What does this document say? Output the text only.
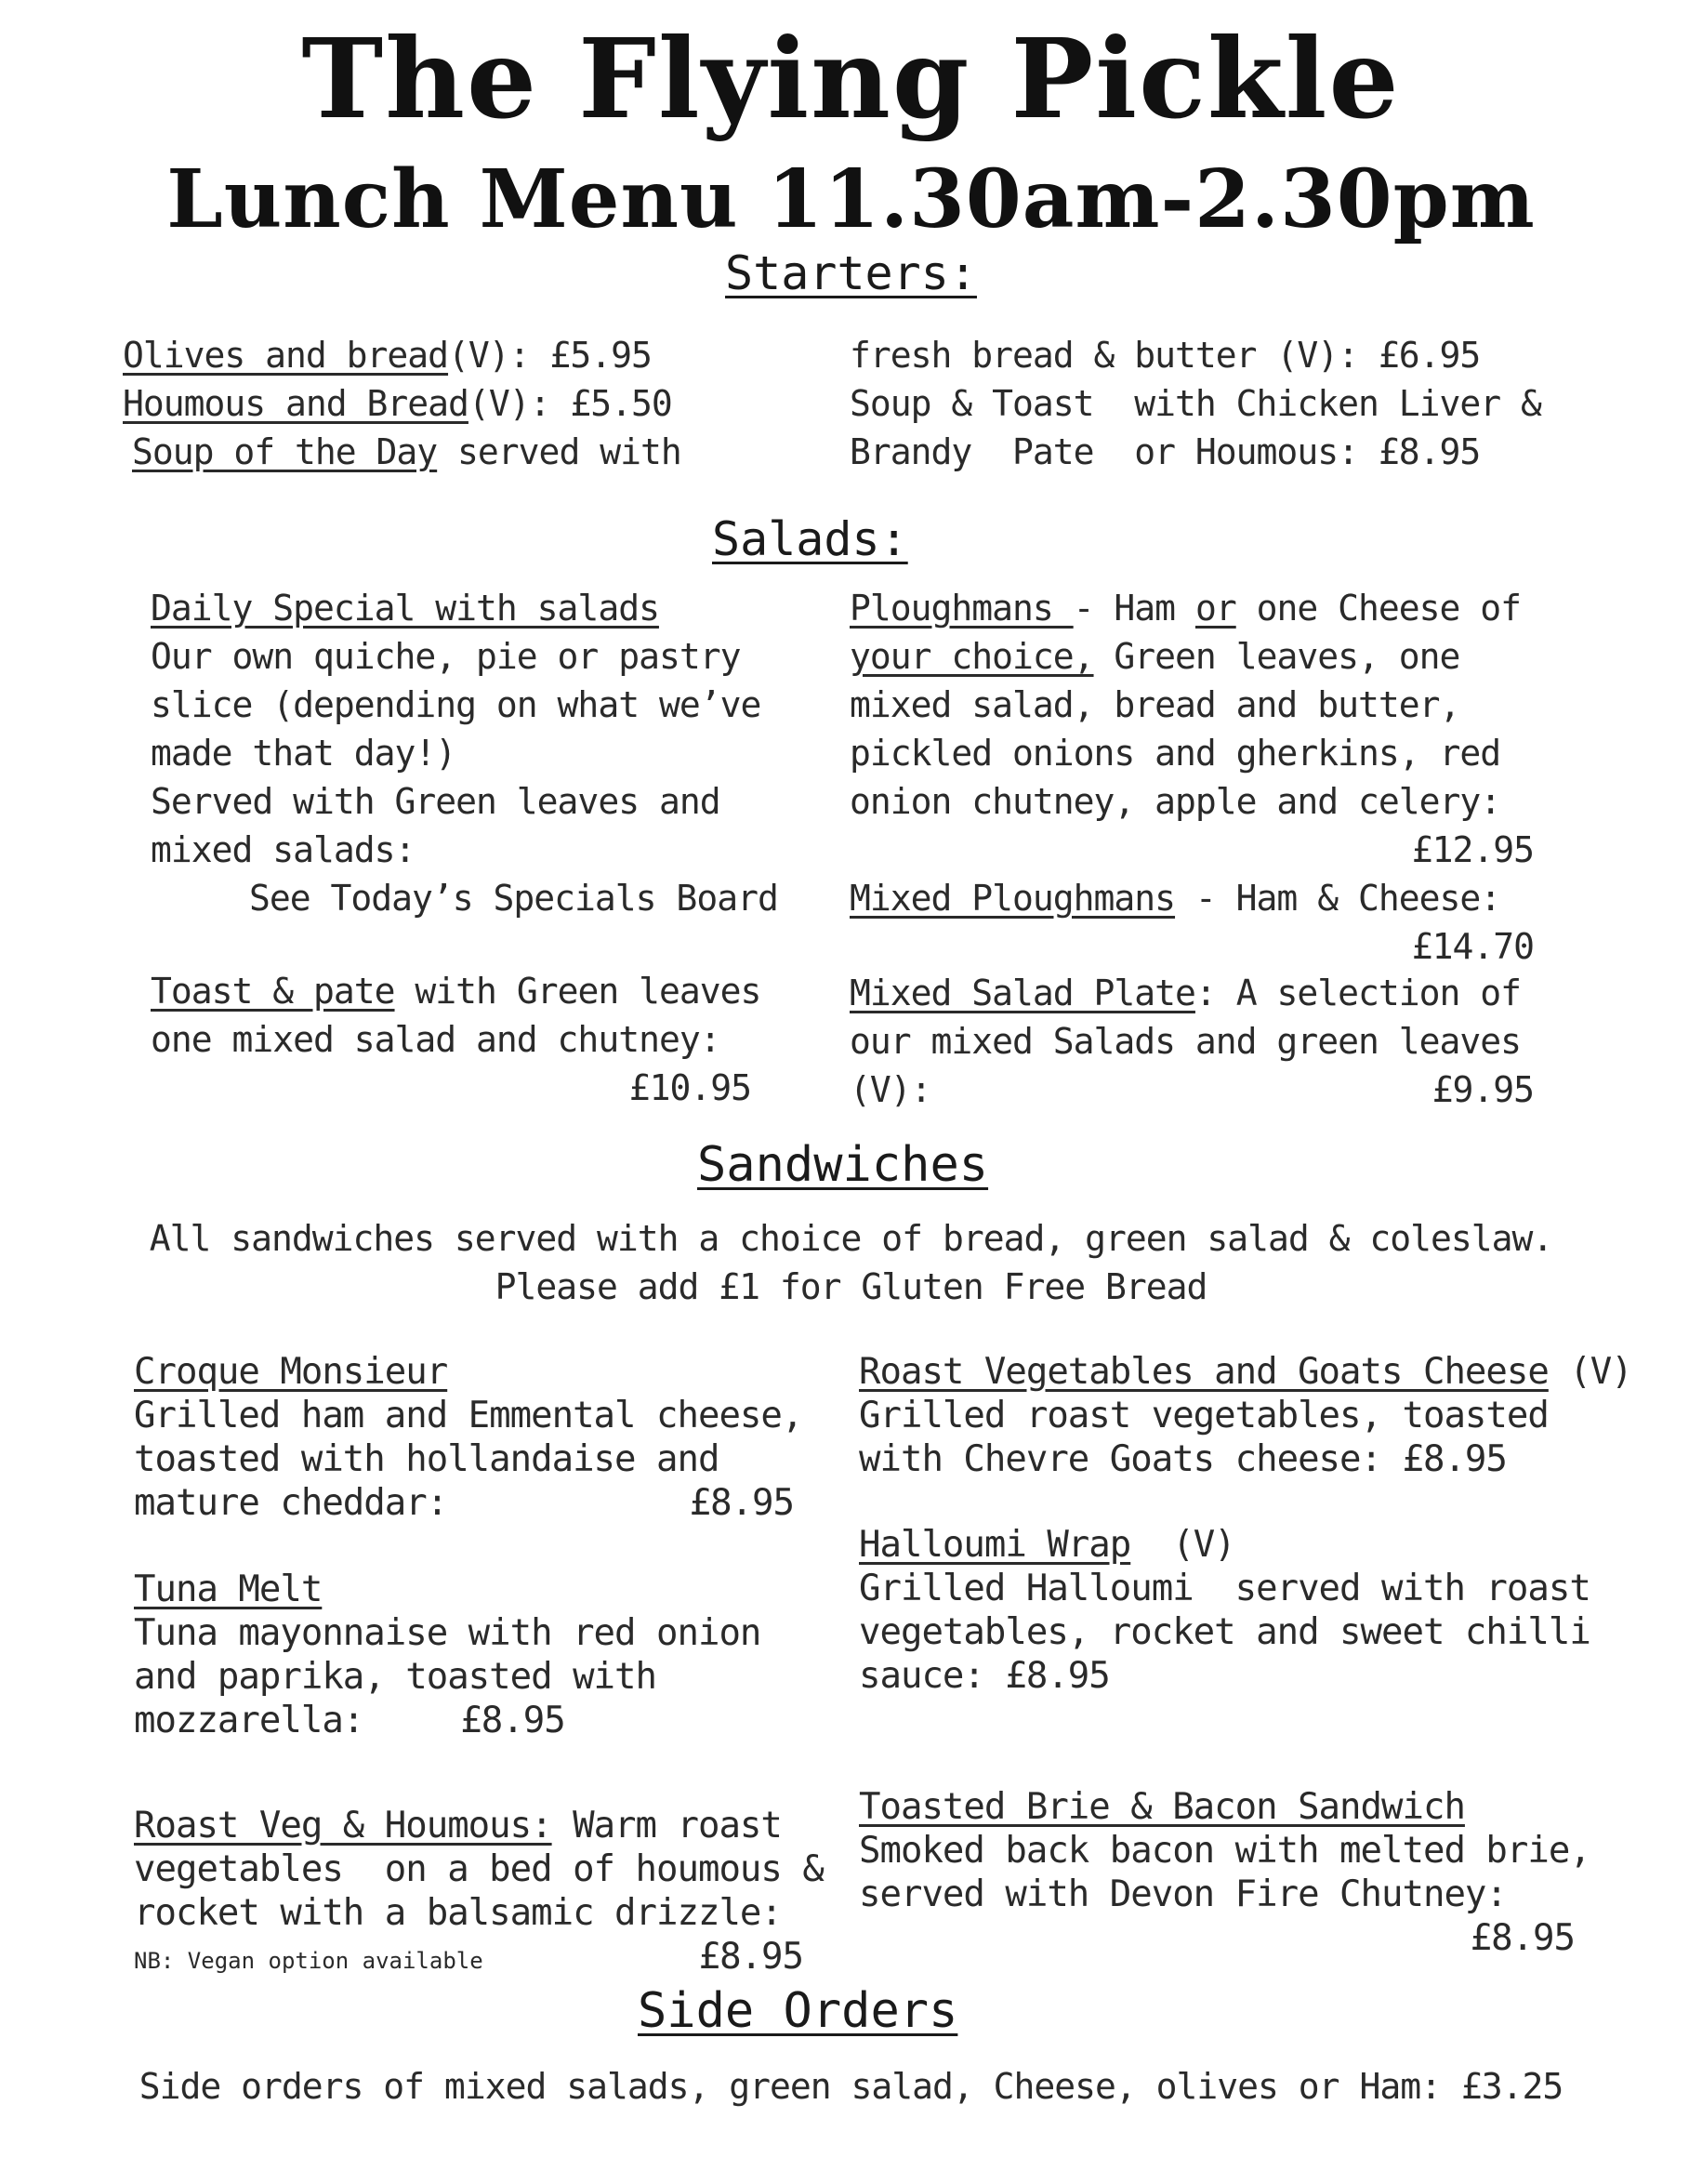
The Flying Pickle
Lunch Menu 11.30am-2.30pm
Starters:
Olives and bread(V): £5.95
Houmous and Bread(V): £5.50
Soup of the Day served with
fresh bread & butter (V): £6.95
Soup & Toast  with Chicken Liver &
Brandy  Pate  or Houmous: £8.95
Salads:
Daily Special with salads
Our own quiche, pie or pastry
slice (depending on what we’ve
made that day!)
Served with Green leaves and
mixed salads:
See Today’s Specials Board
Toast & pate with Green leaves
one mixed salad and chutney:
£10.95
Ploughmans - Ham or one Cheese of
your choice, Green leaves, one
mixed salad, bread and butter,
pickled onions and gherkins, red
onion chutney, apple and celery:
£12.95
Mixed Ploughmans - Ham & Cheese:
£14.70
Mixed Salad Plate: A selection of
our mixed Salads and green leaves
(V):	£9.95
Sandwiches
All sandwiches served with a choice of bread, green salad & coleslaw.
Please add £1 for Gluten Free Bread
Croque Monsieur
Grilled ham and Emmental cheese,
toasted with hollandaise and
mature cheddar:	£8.95
Tuna Melt
Tuna mayonnaise with red onion
and paprika, toasted with
mozzarella:	£8.95
Roast Veg & Houmous: Warm roast
vegetables  on a bed of houmous &
rocket with a balsamic drizzle:
NB: Vegan option available	£8.95
Roast Vegetables and Goats Cheese (V)
Grilled roast vegetables, toasted
with Chevre Goats cheese: £8.95
Halloumi Wrap  (V)
Grilled Halloumi  served with roast
vegetables, rocket and sweet chilli
sauce: £8.95
Toasted Brie & Bacon Sandwich
Smoked back bacon with melted brie,
served with Devon Fire Chutney:
£8.95
Side Orders
Side orders of mixed salads, green salad, Cheese, olives or Ham: £3.25
